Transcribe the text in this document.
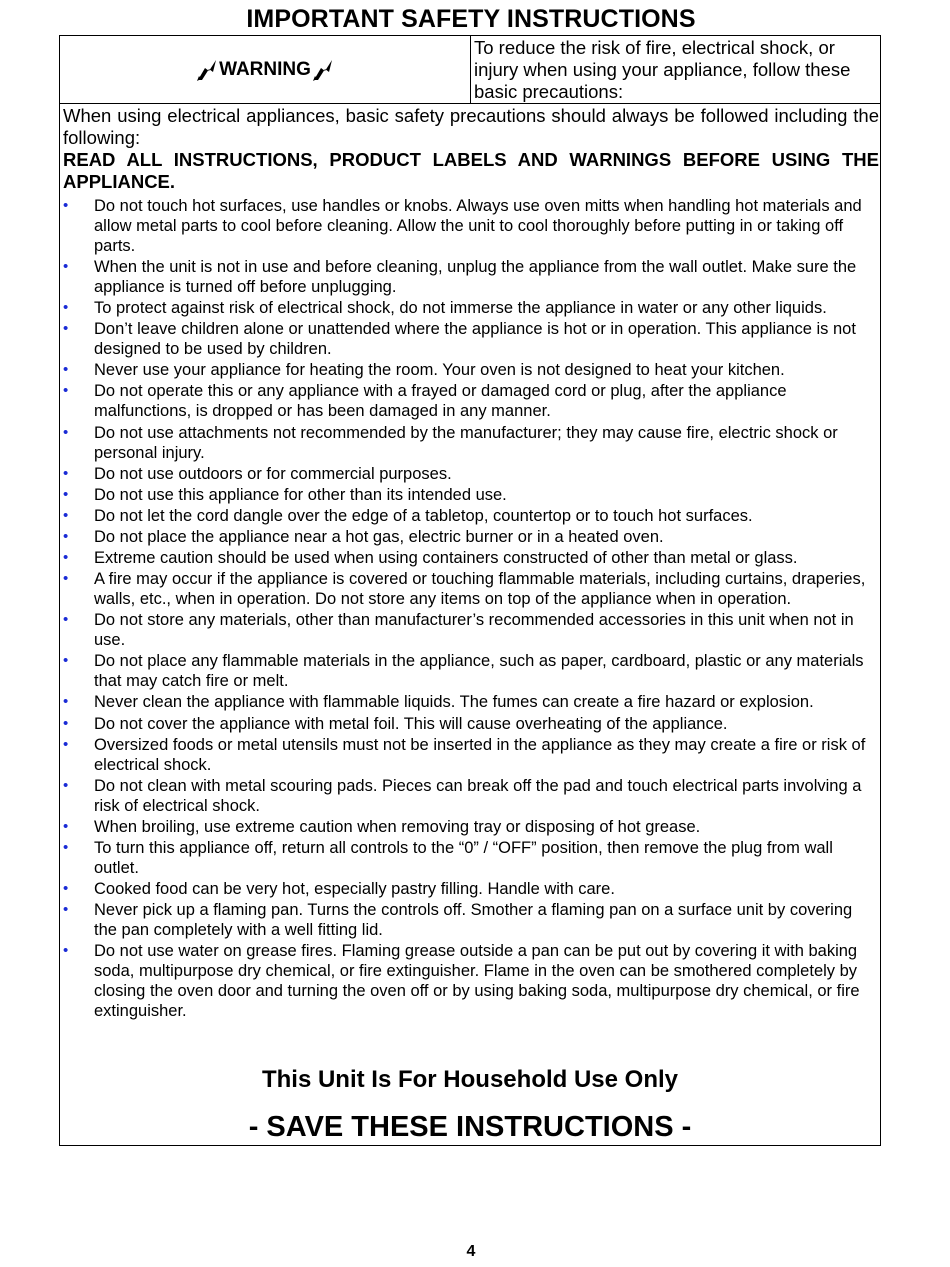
IMPORTANT SAFETY INSTRUCTIONS
WARNING
To reduce the risk of fire, electrical shock, or injury when using your appliance, follow these basic precautions:

When using electrical appliances, basic safety precautions should always be followed including the following:

READ ALL INSTRUCTIONS, PRODUCT LABELS AND WARNINGS BEFORE USING THE APPLIANCE.

• Do not touch hot surfaces, use handles or knobs. Always use oven mitts when handling hot materials and allow metal parts to cool before cleaning. Allow the unit to cool thoroughly before putting in or taking off parts.
• When the unit is not in use and before cleaning, unplug the appliance from the wall outlet. Make sure the appliance is turned off before unplugging.
• To protect against risk of electrical shock, do not immerse the appliance in water or any other liquids.
• Don’t leave children alone or unattended where the appliance is hot or in operation. This appliance is not designed to be used by children.
• Never use your appliance for heating the room. Your oven is not designed to heat your kitchen.
• Do not operate this or any appliance with a frayed or damaged cord or plug, after the appliance malfunctions, is dropped or has been damaged in any manner.
• Do not use attachments not recommended by the manufacturer; they may cause fire, electric shock or personal injury.
• Do not use outdoors or for commercial purposes.
• Do not use this appliance for other than its intended use.
• Do not let the cord dangle over the edge of a tabletop, countertop or to touch hot surfaces.
• Do not place the appliance near a hot gas, electric burner or in a heated oven.
• Extreme caution should be used when using containers constructed of other than metal or glass.
• A fire may occur if the appliance is covered or touching flammable materials, including curtains, draperies, walls, etc., when in operation. Do not store any items on top of the appliance when in operation.
• Do not store any materials, other than manufacturer’s recommended accessories in this unit when not in use.
• Do not place any flammable materials in the appliance, such as paper, cardboard, plastic or any materials that may catch fire or melt.
• Never clean the appliance with flammable liquids. The fumes can create a fire hazard or explosion.
• Do not cover the appliance with metal foil. This will cause overheating of the appliance.
• Oversized foods or metal utensils must not be inserted in the appliance as they may create a fire or risk of electrical shock.
• Do not clean with metal scouring pads. Pieces can break off the pad and touch electrical parts involving a risk of electrical shock.
• When broiling, use extreme caution when removing tray or disposing of hot grease.
• To turn this appliance off, return all controls to the “0” / “OFF” position, then remove the plug from wall outlet.
• Cooked food can be very hot, especially pastry filling. Handle with care.
• Never pick up a flaming pan. Turns the controls off. Smother a flaming pan on a surface unit by covering the pan completely with a well fitting lid.
• Do not use water on grease fires. Flaming grease outside a pan can be put out by covering it with baking soda, multipurpose dry chemical, or fire extinguisher. Flame in the oven can be smothered completely by closing the oven door and turning the oven off or by using baking soda, multipurpose dry chemical, or fire extinguisher.
This Unit Is For Household Use Only
- SAVE THESE INSTRUCTIONS -
4
